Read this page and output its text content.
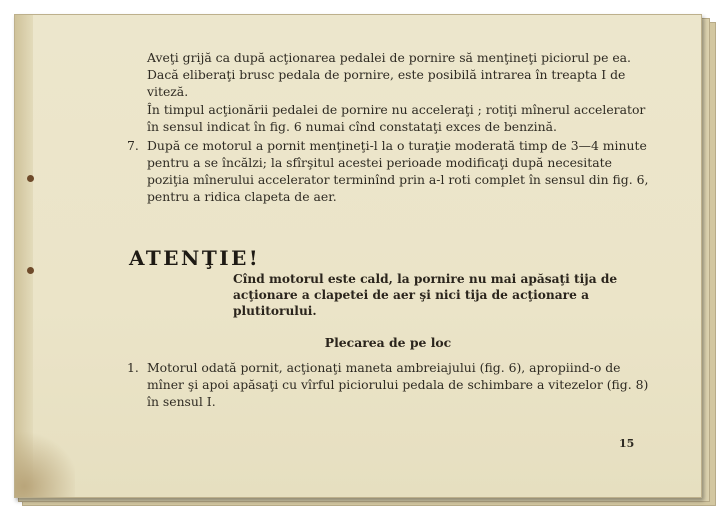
Aveţi grijă ca după acţionarea pedalei de pornire să menţineţi piciorul pe ea. Dacă eliberaţi brusc pedala de pornire, este posibilă intrarea în treapta I de viteză.

În timpul acţionării pedalei de pornire nu acceleraţi ; rotiţi mînerul accelerator în sensul indicat în fig. 6 numai cînd constataţi exces de benzină.

7. După ce motorul a pornit menţineţi-l la o turaţie moderată timp de 3—4 minute pentru a se încălzi; la sfîrşitul acestei perioade modificaţi după necesitate poziţia mînerului accelerator terminînd prin a-l roti complet în sensul din fig. 6, pentru a ridica clapeta de aer.
ATENŢIE!
Cînd motorul este cald, la pornire nu mai apăsaţi tija de acţionare a clapetei de aer şi nici tija de acţionare a plutitorului.
Plecarea de pe loc
1. Motorul odată pornit, acţionaţi maneta ambreiajului (fig. 6), apropiind-o de mîner şi apoi apăsaţi cu vîrful piciorului pedala de schimbare a vitezelor (fig. 8) în sensul I.
15
